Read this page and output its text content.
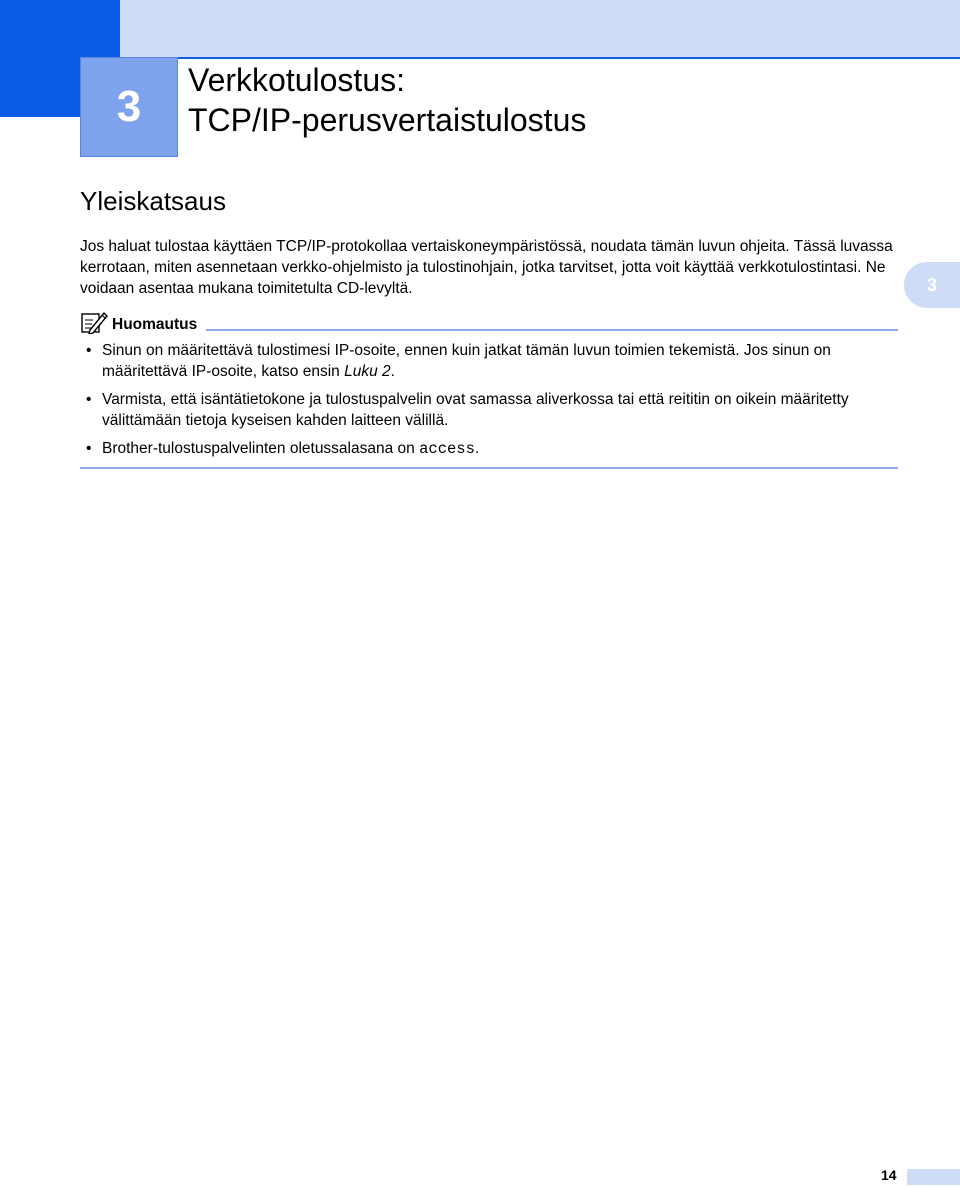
3
Verkkotulostus:
TCP/IP-perusvertaistulostus
Yleiskatsaus

Jos haluat tulostaa käyttäen TCP/IP-protokollaa vertaiskoneympäristössä, noudata tämän luvun ohjeita. Tässä luvassa kerrotaan, miten asennetaan verkko-ohjelmisto ja tulostinohjain, jotka tarvitset, jotta voit käyttää verkkotulostintasi. Ne voidaan asentaa mukana toimitetulta CD-levyltä.	3
Huomautus
• Sinun on määritettävä tulostimesi IP-osoite, ennen kuin jatkat tämän luvun toimien tekemistä. Jos sinun on määritettävä IP-osoite, katso ensin Luku 2.
• Varmista, että isäntätietokone ja tulostuspalvelin ovat samassa aliverkossa tai että reititin on oikein määritetty välittämään tietoja kyseisen kahden laitteen välillä.
• Brother-tulostuspalvelinten oletussalasana on access.
14
